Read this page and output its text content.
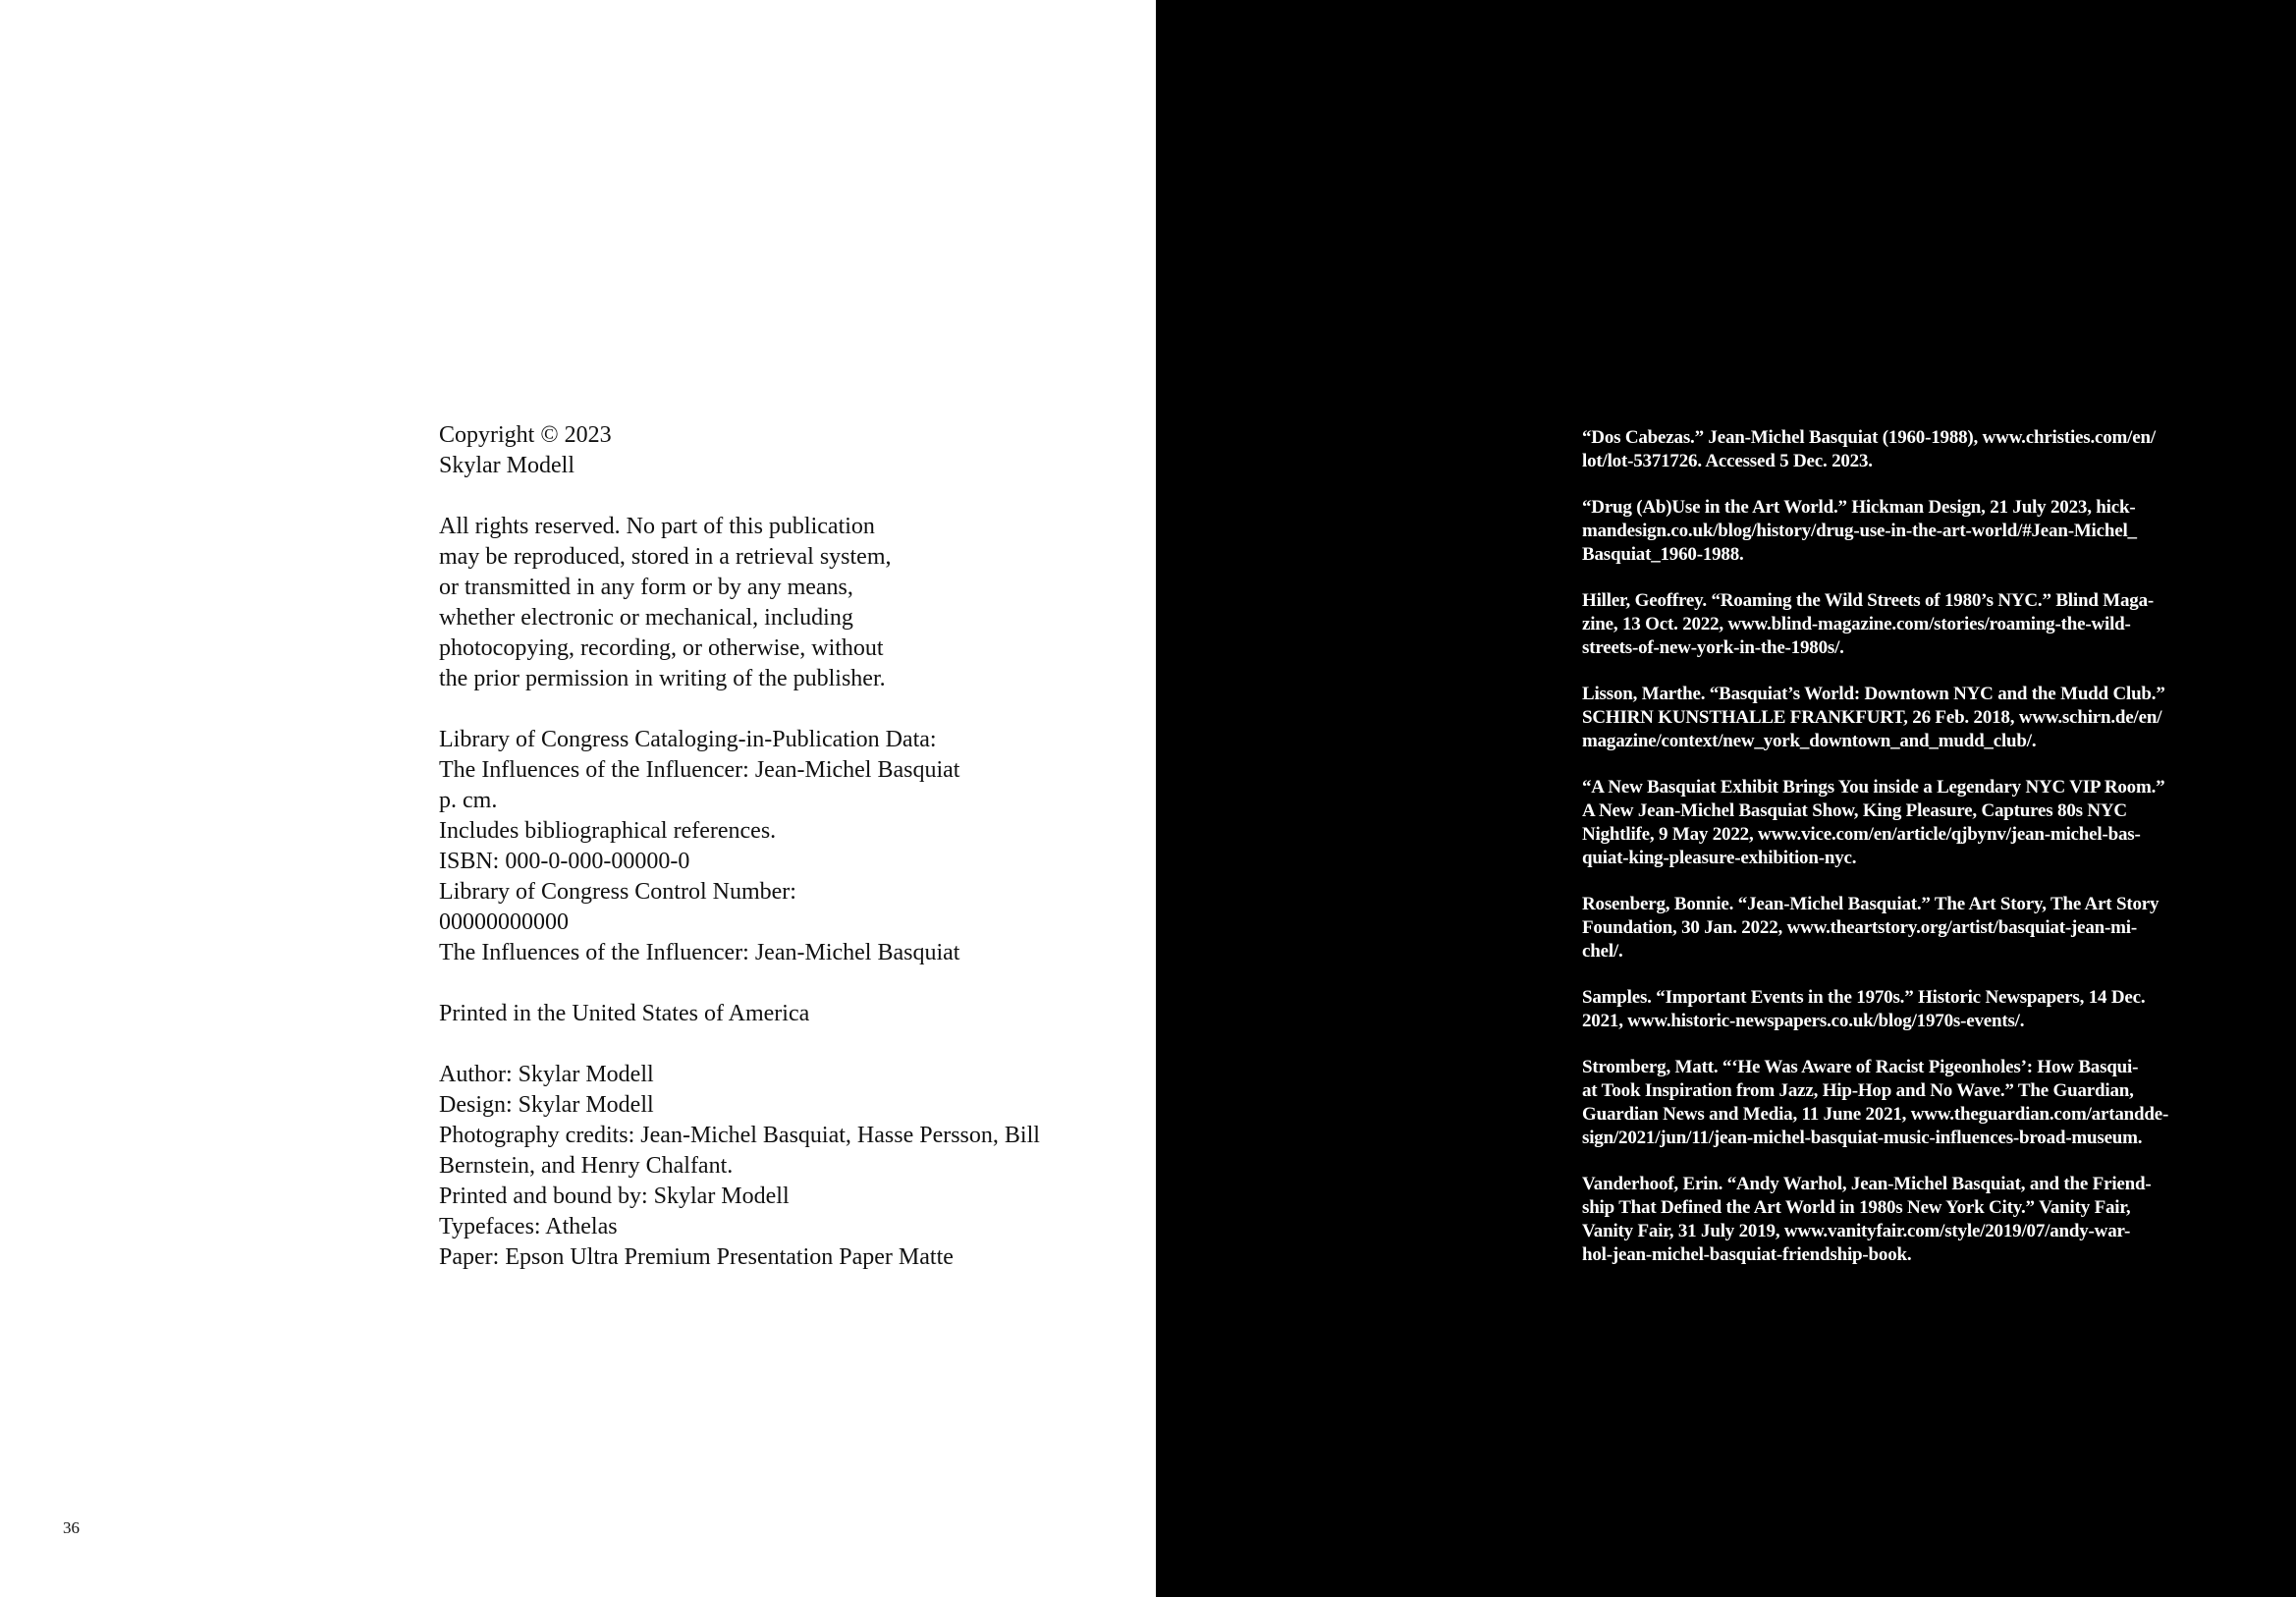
Copyright © 2023
Skylar Modell
All rights reserved. No part of this publication
may be reproduced, stored in a retrieval system,
or transmitted in any form or by any means,
whether electronic or mechanical, including
photocopying, recording, or otherwise, without
the prior permission in writing of the publisher.
Library of Congress Cataloging-in-Publication Data:
The Influences of the Influencer: Jean-Michel Basquiat
p. cm.
Includes bibliographical references.
ISBN: 000-0-000-00000-0
Library of Congress Control Number:
00000000000
The Influences of the Influencer: Jean-Michel Basquiat
Printed in the United States of America
Author: Skylar Modell
Design: Skylar Modell
Photography credits: Jean-Michel Basquiat, Hasse Persson, Bill Bernstein, and Henry Chalfant.
Printed and bound by: Skylar Modell
Typefaces: Athelas
Paper: Epson Ultra Premium Presentation Paper Matte
36
“Dos Cabezas.” Jean-Michel Basquiat (1960-1988), www.christies.com/en/
lot/lot-5371726. Accessed 5 Dec. 2023.
“Drug (Ab)Use in the Art World.” Hickman Design, 21 July 2023, hick-
mandesign.co.uk/blog/history/drug-use-in-the-art-world/#Jean-Michel_
Basquiat_1960-1988.
Hiller, Geoffrey. “Roaming the Wild Streets of 1980’s NYC.” Blind Maga-
zine, 13 Oct. 2022, www.blind-magazine.com/stories/roaming-the-wild-
streets-of-new-york-in-the-1980s/.
Lisson, Marthe. “Basquiat’s World: Downtown NYC and the Mudd Club.”
SCHIRN KUNSTHALLE FRANKFURT, 26 Feb. 2018, www.schirn.de/en/
magazine/context/new_york_downtown_and_mudd_club/.
“A New Basquiat Exhibit Brings You inside a Legendary NYC VIP Room.”
A New Jean-Michel Basquiat Show, King Pleasure, Captures 80s NYC
Nightlife, 9 May 2022, www.vice.com/en/article/qjbynv/jean-michel-bas-
quiat-king-pleasure-exhibition-nyc.
Rosenberg, Bonnie. “Jean-Michel Basquiat.” The Art Story, The Art Story
Foundation, 30 Jan. 2022, www.theartstory.org/artist/basquiat-jean-mi-
chel/.
Samples. “Important Events in the 1970s.” Historic Newspapers, 14 Dec.
2021, www.historic-newspapers.co.uk/blog/1970s-events/.
Stromberg, Matt. “‘He Was Aware of Racist Pigeonholes’: How Basqui-
at Took Inspiration from Jazz, Hip-Hop and No Wave.” The Guardian,
Guardian News and Media, 11 June 2021, www.theguardian.com/artandde-
sign/2021/jun/11/jean-michel-basquiat-music-influences-broad-museum.
Vanderhoof, Erin. “Andy Warhol, Jean-Michel Basquiat, and the Friend-
ship That Defined the Art World in 1980s New York City.” Vanity Fair,
Vanity Fair, 31 July 2019, www.vanityfair.com/style/2019/07/andy-war-
hol-jean-michel-basquiat-friendship-book.
